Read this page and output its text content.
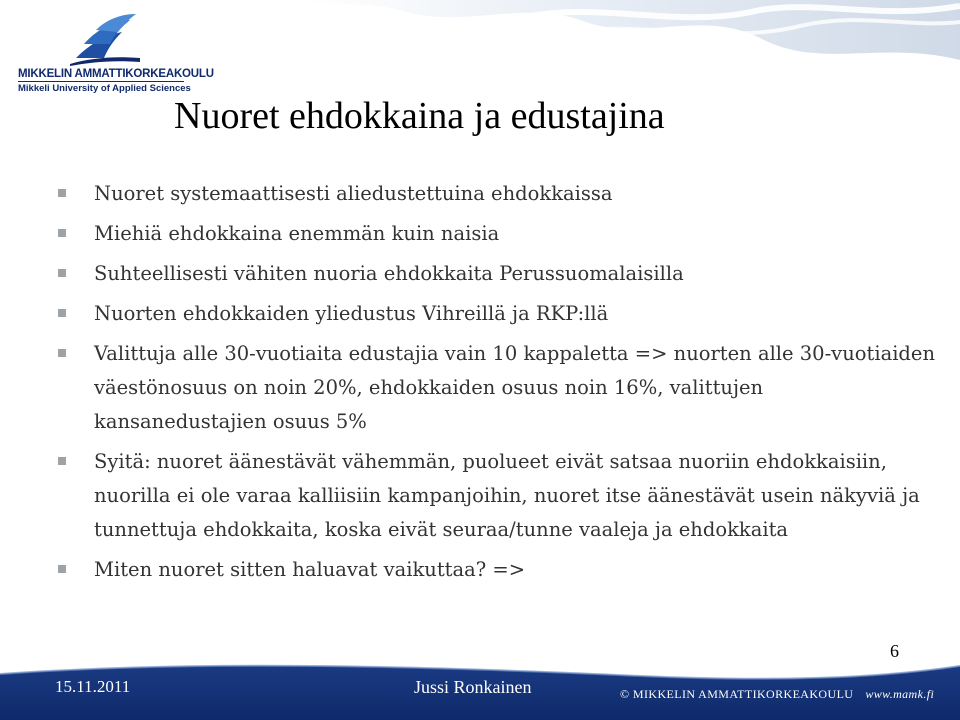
MIKKELIN AMMATTIKORKEAKOULU
Mikkeli University of Applied Sciences
Nuoret ehdokkaina ja edustajina
Nuoret systemaattisesti aliedustettuina ehdokkaissa
Miehiä ehdokkaina enemmän kuin naisia
Suhteellisesti vähiten nuoria ehdokkaita Perussuomalaisilla
Nuorten ehdokkaiden yliedustus Vihreillä ja RKP:llä
Valittuja alle 30-vuotiaita edustajia vain 10 kappaletta => nuorten alle 30-vuotiaiden väestönosuus on noin 20%, ehdokkaiden osuus noin 16%, valittujen kansanedustajien osuus 5%
Syitä: nuoret äänestävät vähemmän, puolueet eivät satsaa nuoriin ehdokkaisiin, nuorilla ei ole varaa kalliisiin kampanjoihin, nuoret itse äänestävät usein näkyviä ja tunnettuja ehdokkaita, koska eivät seuraa/tunne vaaleja ja ehdokkaita
Miten nuoret sitten haluavat vaikuttaa? =>
6
15.11.2011	Jussi Ronkainen	© MIKKELIN AMMATTIKORKEAKOULU www.mamk.fi
